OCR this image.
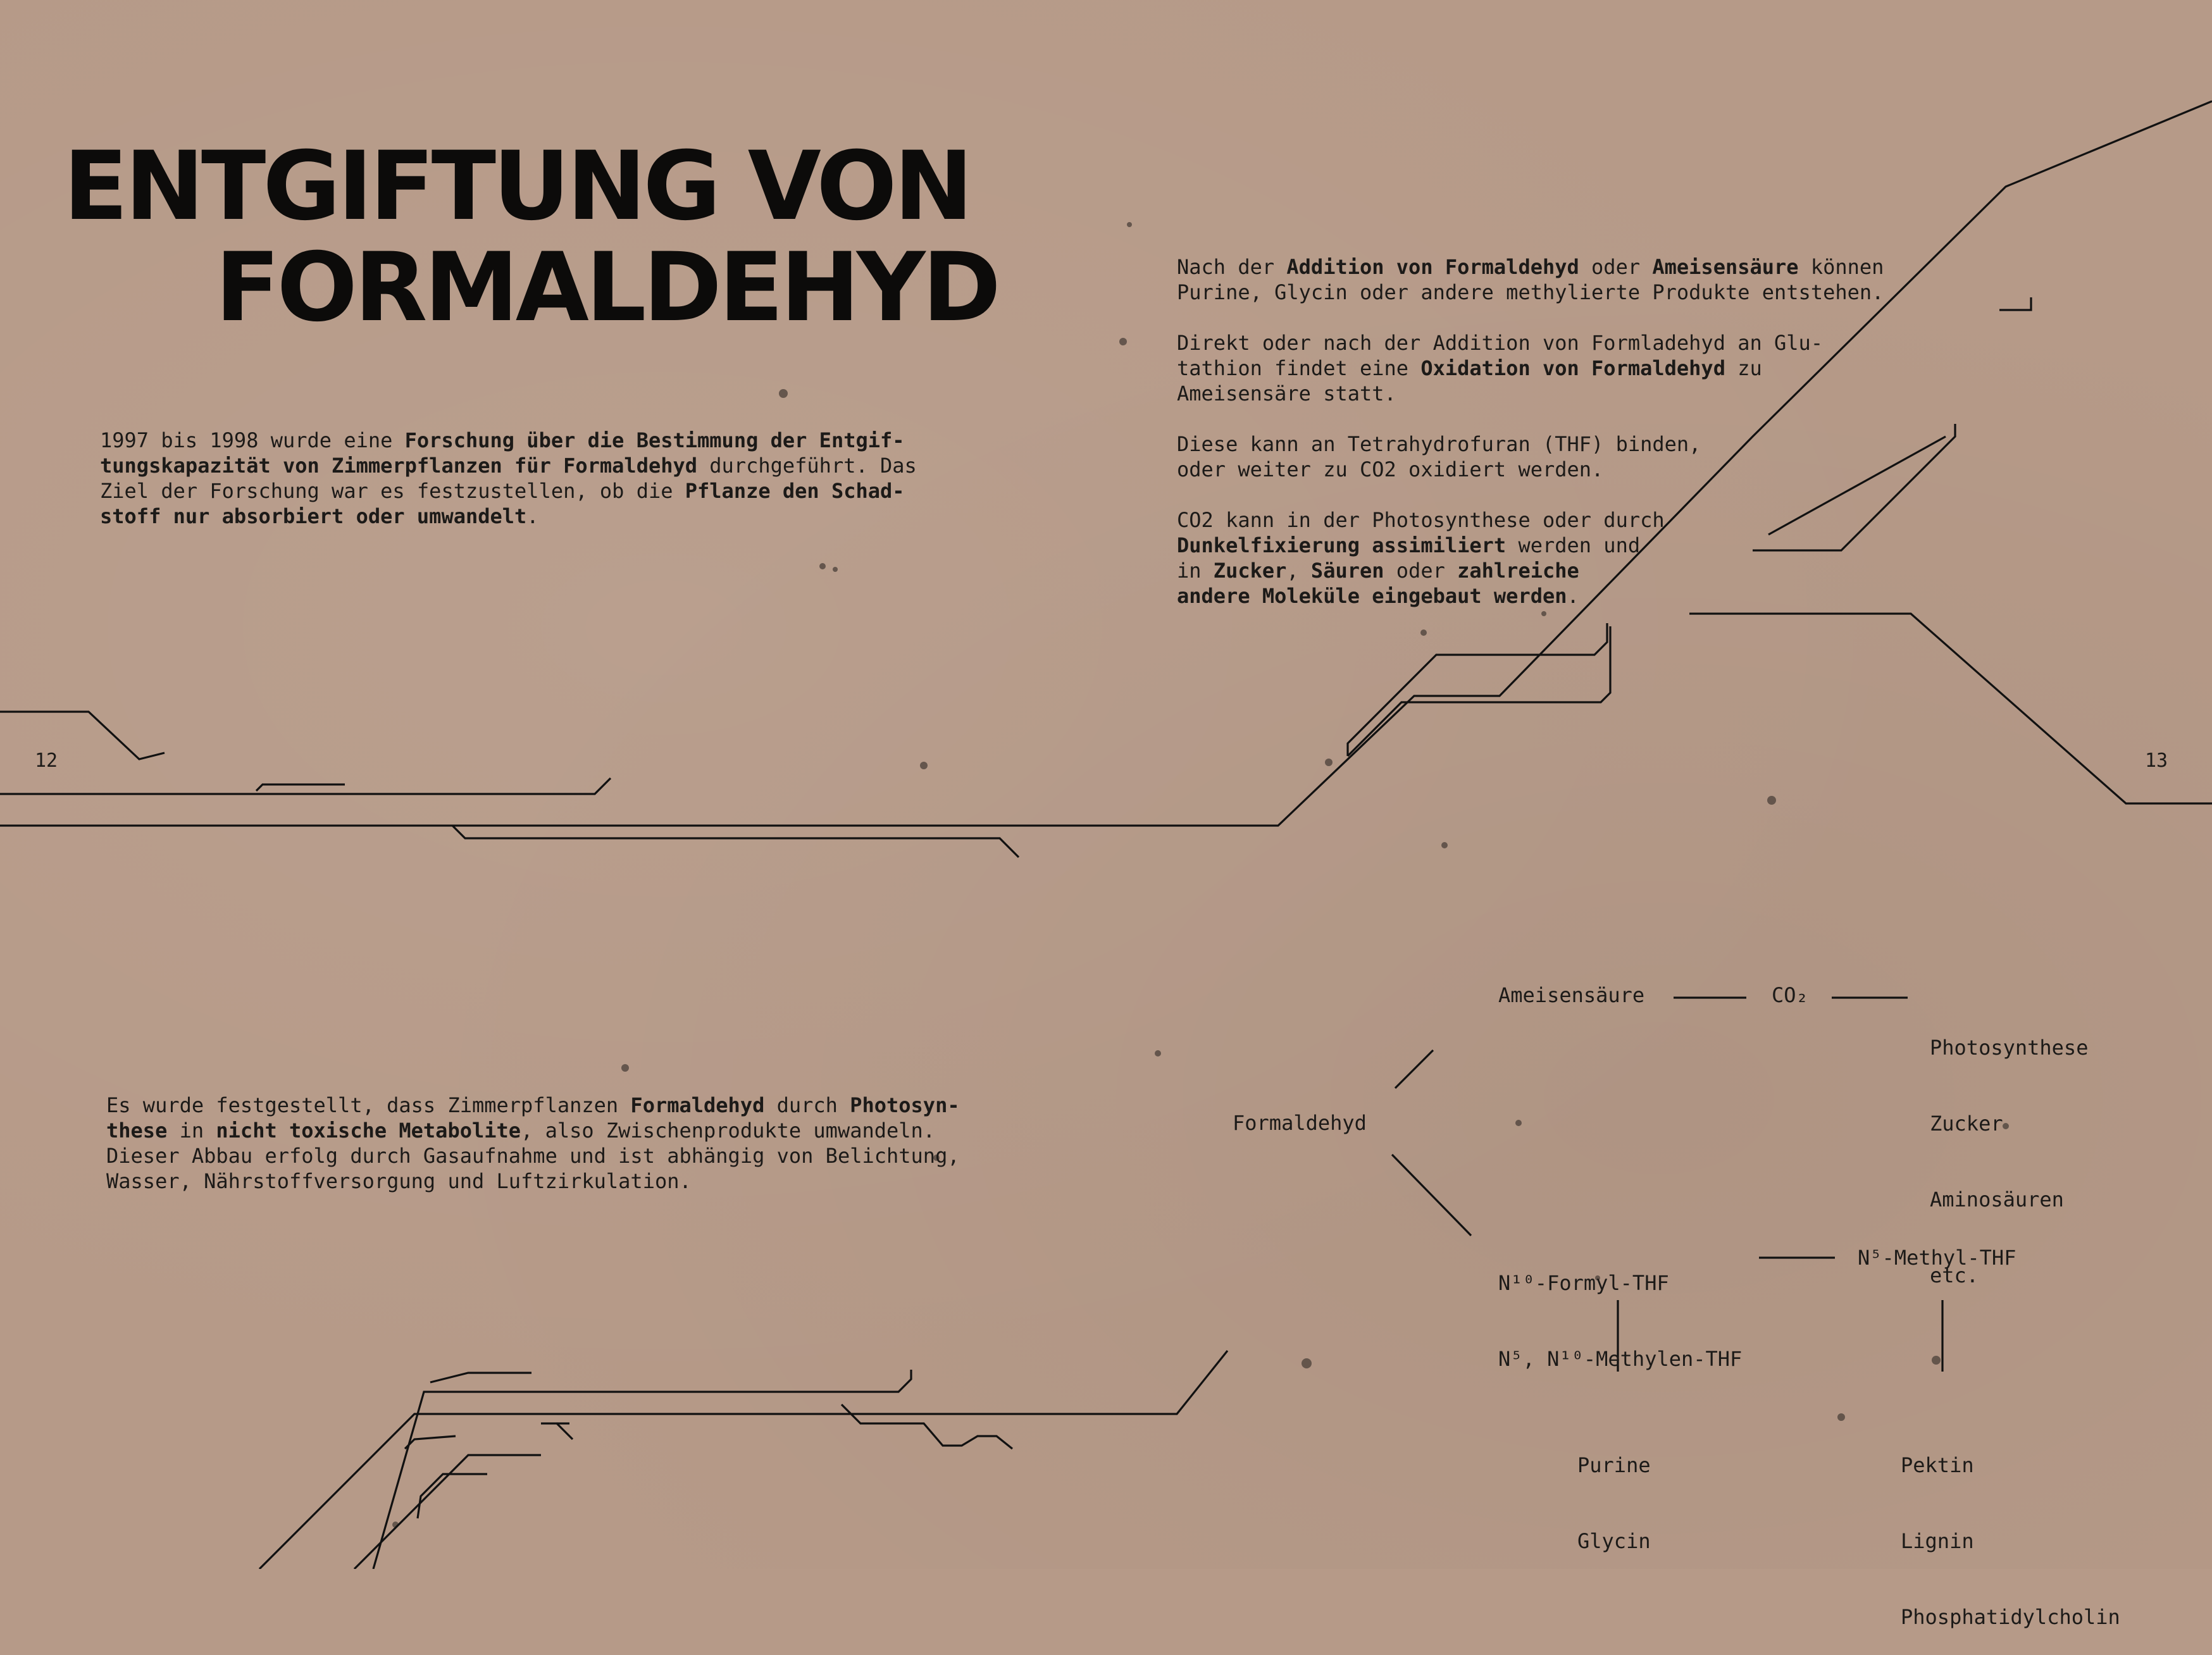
ENTGIFTUNG VON
FORMALDEHYD
1997 bis 1998 wurde eine Forschung über die Bestimmung der Entgif-
tungskapazität von Zimmerpflanzen für Formaldehyd durchgeführt. Das
Ziel der Forschung war es festzustellen, ob die Pflanze den Schad-
stoff nur absorbiert oder umwandelt.

Nach der Addition von Formaldehyd oder Ameisensäure können
Purine, Glycin oder andere methylierte Produkte entstehen.

Direkt oder nach der Addition von Formladehyd an Glu-
tathion findet eine Oxidation von Formaldehyd zu
Ameisensäre statt.

Diese kann an Tetrahydrofuran (THF) binden,
oder weiter zu CO2 oxidiert werden.

CO2 kann in der Photosynthese oder durch
Dunkelfixierung assimiliert werden und
in Zucker, Säuren oder zahlreiche
andere Moleküle eingebaut werden.

Es wurde festgestellt, dass Zimmerpflanzen Formaldehyd durch Photosyn-
these in nicht toxische Metabolite, also Zwischenprodukte umwandeln.
Dieser Abbau erfolg durch Gasaufnahme und ist abhängig von Belichtung,
Wasser, Nährstoffversorgung und Luftzirkulation.
12	13
Formaldehyd
Ameisensäure	CO₂

Photosynthese

Zucker

Aminosäuren

etc.

N¹⁰-Formyl-THF

N⁵, N¹⁰-Methylen-THF

N⁵-Methyl-THF

Purine

Glycin

Pektin

Lignin

Phosphatidylcholin
